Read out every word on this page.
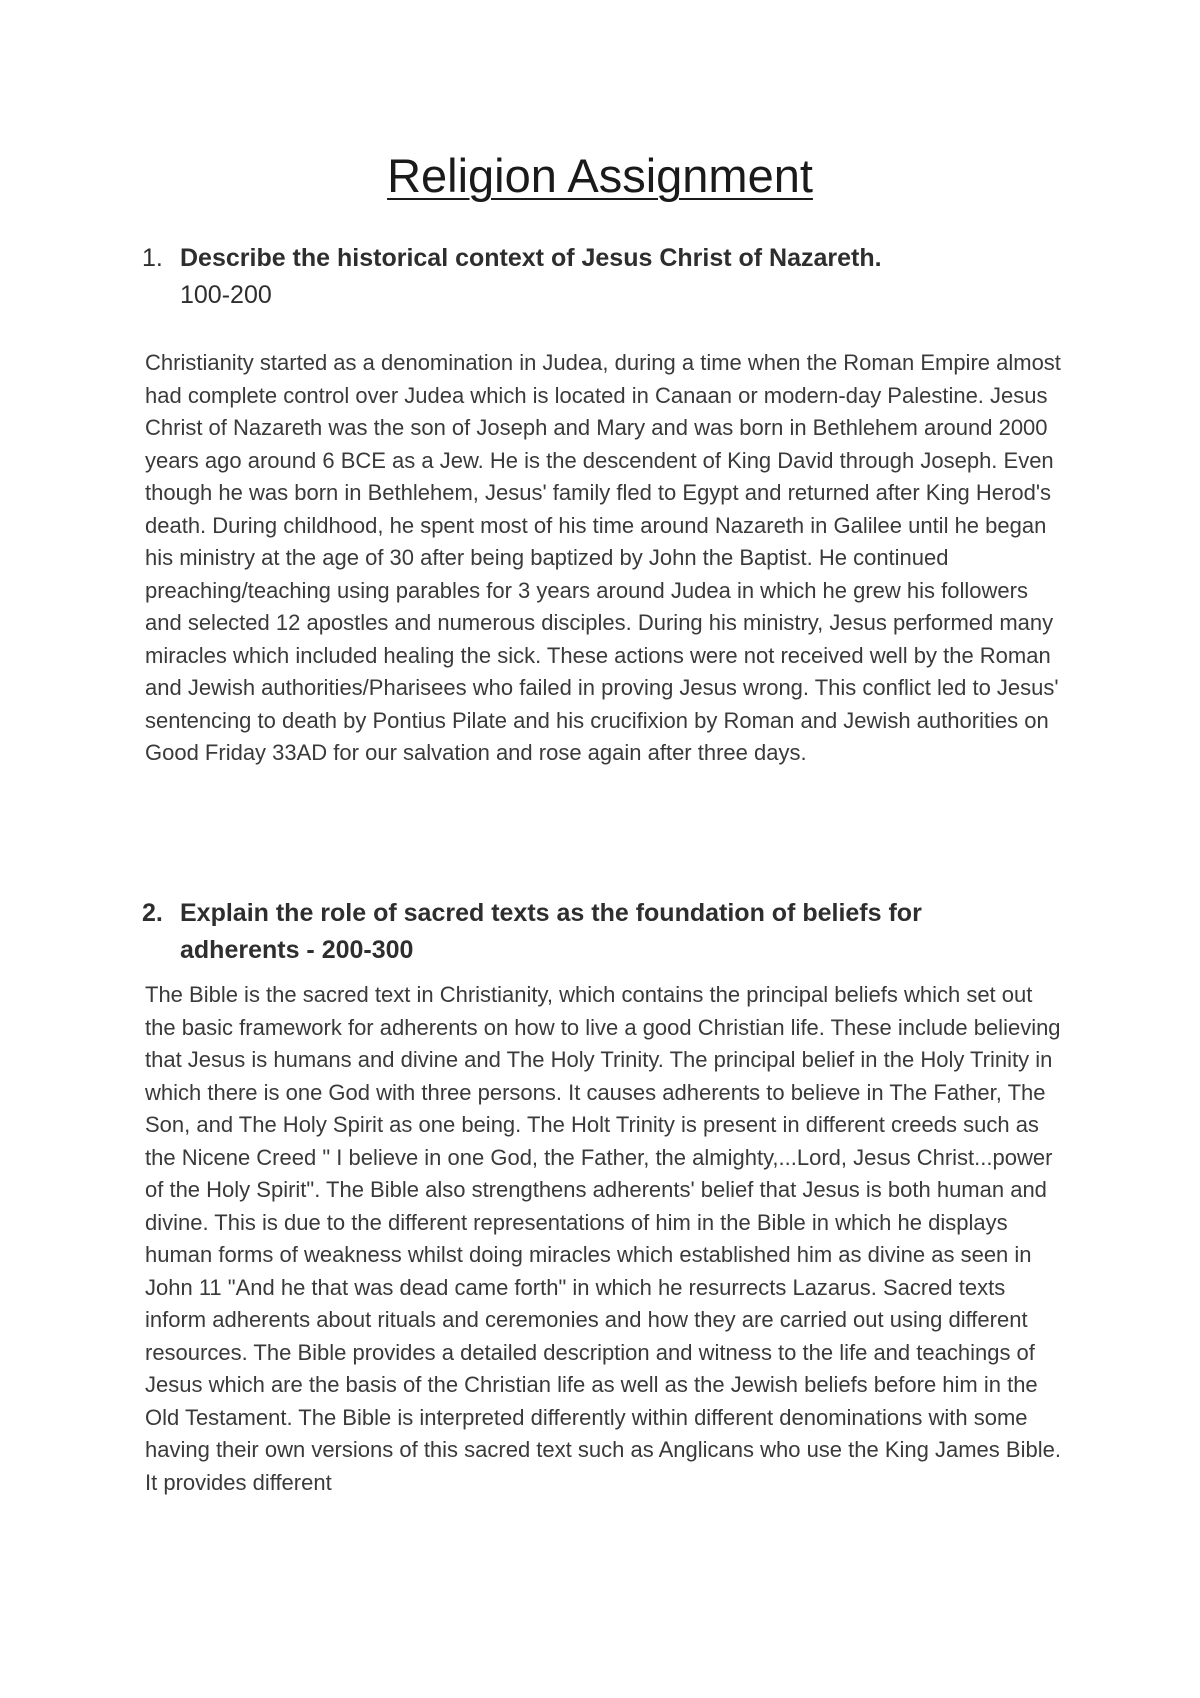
Religion Assignment
1. Describe the historical context of Jesus Christ of Nazareth.
100-200

Christianity started as a denomination in Judea, during a time when the Roman Empire almost had complete control over Judea which is located in Canaan or modern-day Palestine. Jesus Christ of Nazareth was the son of Joseph and Mary and was born in Bethlehem around 2000 years ago around 6 BCE as a Jew. He is the descendent of King David through Joseph. Even though he was born in Bethlehem, Jesus' family fled to Egypt and returned after King Herod's death. During childhood, he spent most of his time around Nazareth in Galilee until he began his ministry at the age of 30 after being baptized by John the Baptist. He continued preaching/teaching using parables for 3 years around Judea in which he grew his followers and selected 12 apostles and numerous disciples. During his ministry, Jesus performed many miracles which included healing the sick. These actions were not received well by the Roman and Jewish authorities/Pharisees who failed in proving Jesus wrong. This conflict led to Jesus' sentencing to death by Pontius Pilate and his crucifixion by Roman and Jewish authorities on Good Friday 33AD for our salvation and rose again after three days.

2. Explain the role of sacred texts as the foundation of beliefs for adherents - 200-300

The Bible is the sacred text in Christianity, which contains the principal beliefs which set out the basic framework for adherents on how to live a good Christian life. These include believing that Jesus is humans and divine and The Holy Trinity. The principal belief in the Holy Trinity in which there is one God with three persons. It causes adherents to believe in The Father, The Son, and The Holy Spirit as one being. The Holt Trinity is present in different creeds such as the Nicene Creed " I believe in one God, the Father, the almighty,...Lord, Jesus Christ...power of the Holy Spirit". The Bible also strengthens adherents' belief that Jesus is both human and divine. This is due to the different representations of him in the Bible in which he displays human forms of weakness whilst doing miracles which established him as divine as seen in John 11 "And he that was dead came forth" in which he resurrects Lazarus. Sacred texts inform adherents about rituals and ceremonies and how they are carried out using different resources. The Bible provides a detailed description and witness to the life and teachings of Jesus which are the basis of the Christian life as well as the Jewish beliefs before him in the Old Testament. The Bible is interpreted differently within different denominations with some having their own versions of this sacred text such as Anglicans who use the King James Bible. It provides different
